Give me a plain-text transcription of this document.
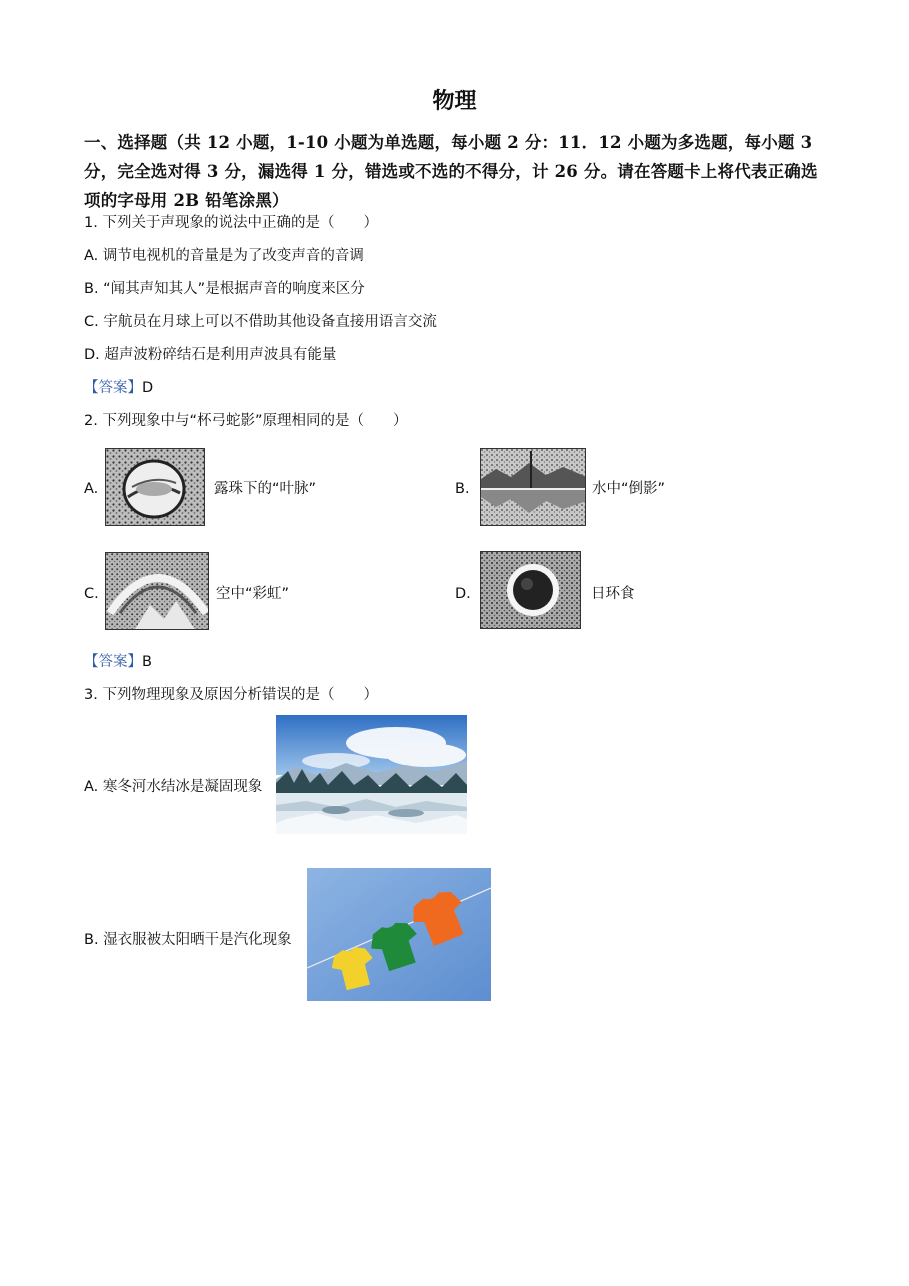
物理
一、选择题（共 12 小题，1-10 小题为单选题，每小题 2 分：11．12 小题为多选题，每小题 3 分，完全选对得 3 分，漏选得 1 分，错选或不选的不得分，计 26 分。请在答题卡上将代表正确选项的字母用 2B 铅笔涂黑）
1. 下列关于声现象的说法中正确的是（　　）
A. 调节电视机的音量是为了改变声音的音调
B. “闻其声知其人”是根据声音的响度来区分
C. 宇航员在月球上可以不借助其他设备直接用语言交流
D. 超声波粉碎结石是利用声波具有能量
【答案】D
2. 下列现象中与“杯弓蛇影”原理相同的是（　　）
A.	露珠下的“叶脉”	B.	水中“倒影”
C.	空中“彩虹”	D.	日环食
【答案】B
3. 下列物理现象及原因分析错误的是（　　）
A. 寒冬河水结冰是凝固现象
B. 湿衣服被太阳晒干是汽化现象
